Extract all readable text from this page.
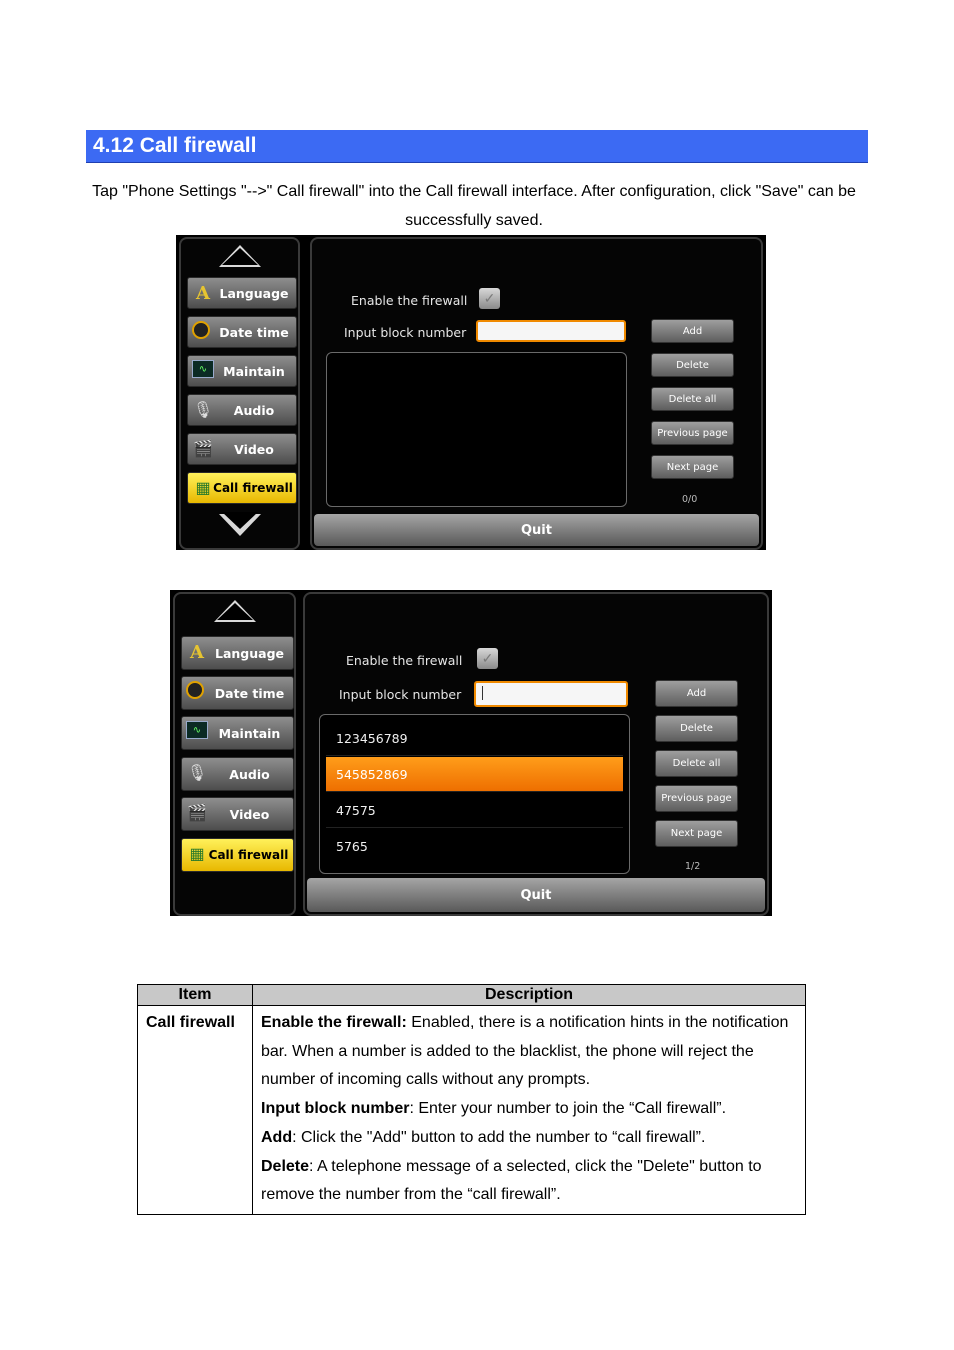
4.12 Call firewall
Tap "Phone Settings "-->" Call firewall" into the Call firewall interface. After configuration, click "Save" can be successfully saved.
A Language
Date time
∿	Maintain
🎙	Audio
🎬	Video
▦ Call firewall
Enable the firewall ✓
Input block number	Add
Delete
Delete all
Previous page
Next page
0/0
Quit
A Language
Date time
∿	Maintain
🎙	Audio
🎬	Video
▦ Call firewall
Enable the firewall ✓
Input block number
123456789
545852869
47575
5765
Add
Delete
Delete all
Previous page
Next page
1/2
Quit
Item	Description
Call firewall	Enable the firewall: Enabled, there is a notification hints in the notification bar. When a number is added to the blacklist, the phone will reject the number of incoming calls without any prompts.
Input block number: Enter your number to join the “Call firewall”.
Add: Click the "Add" button to add the number to “call firewall”.
Delete: A telephone message of a selected, click the "Delete" button to remove the number from the “call firewall”.
